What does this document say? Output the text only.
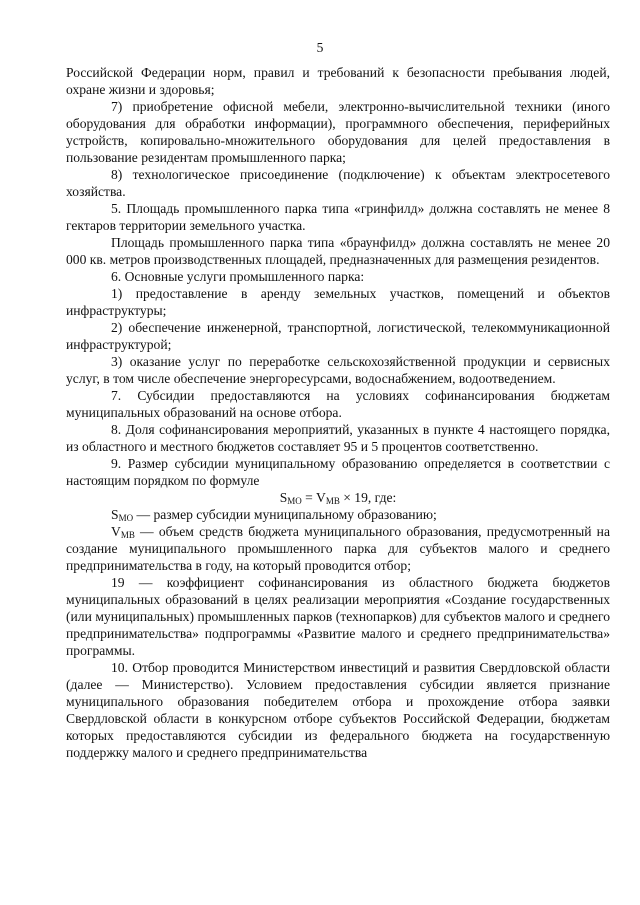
5

Российской Федерации норм, правил и требований к безопасности пребывания людей, охране жизни и здоровья;

7) приобретение офисной мебели, электронно-вычислительной техники (иного оборудования для обработки информации), программного обеспечения, периферийных устройств, копировально-множительного оборудования для целей предоставления в пользование резидентам промышленного парка;

8) технологическое присоединение (подключение) к объектам электросетевого хозяйства.

5. Площадь промышленного парка типа «гринфилд» должна составлять не менее 8 гектаров территории земельного участка.

Площадь промышленного парка типа «браунфилд» должна составлять не менее 20 000 кв. метров производственных площадей, предназначенных для размещения резидентов.

6. Основные услуги промышленного парка:

1) предоставление в аренду земельных участков, помещений и объектов инфраструктуры;

2) обеспечение инженерной, транспортной, логистической, телекоммуникационной инфраструктурой;

3) оказание услуг по переработке сельскохозяйственной продукции и сервисных услуг, в том числе обеспечение энергоресурсами, водоснабжением, водоотведением.

7. Субсидии предоставляются на условиях софинансирования бюджетам муниципальных образований на основе отбора.

8. Доля софинансирования мероприятий, указанных в пункте 4 настоящего порядка, из областного и местного бюджетов составляет 95 и 5 процентов соответственно.

9. Размер субсидии муниципальному образованию определяется в соответствии с настоящим порядком по формуле

$S_{MO} = V_{MB} \times 19$, где:

$S_{MO}$ — размер субсидии муниципальному образованию;

$V_{MB}$ — объем средств бюджета муниципального образования, предусмотренный на создание муниципального промышленного парка для субъектов малого и среднего предпринимательства в году, на который проводится отбор;

19 — коэффициент софинансирования из областного бюджета бюджетов муниципальных образований в целях реализации мероприятия «Создание государственных (или муниципальных) промышленных парков (технопарков) для субъектов малого и среднего предпринимательства» подпрограммы «Развитие малого и среднего предпринимательства» программы.

10. Отбор проводится Министерством инвестиций и развития Свердловской области (далее — Министерство). Условием предоставления субсидии является признание муниципального образования победителем отбора и прохождение отбора заявки Свердловской области в конкурсном отборе субъектов Российской Федерации, бюджетам которых предоставляются субсидии из федерального бюджета на государственную поддержку малого и среднего предпринимательства
